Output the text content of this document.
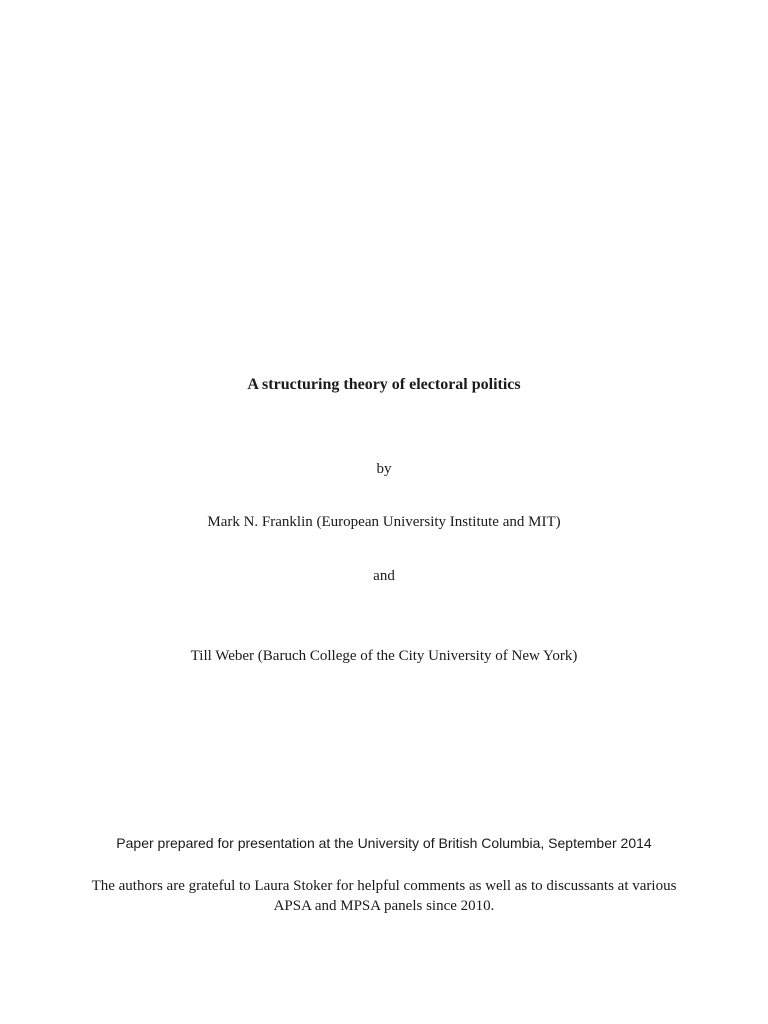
A structuring theory of electoral politics
by
Mark N. Franklin (European University Institute and MIT)
and
Till Weber (Baruch College of the City University of New York)
Paper prepared for presentation at the University of British Columbia, September 2014
The authors are grateful to Laura Stoker for helpful comments as well as to discussants at various
APSA and MPSA panels since 2010.
